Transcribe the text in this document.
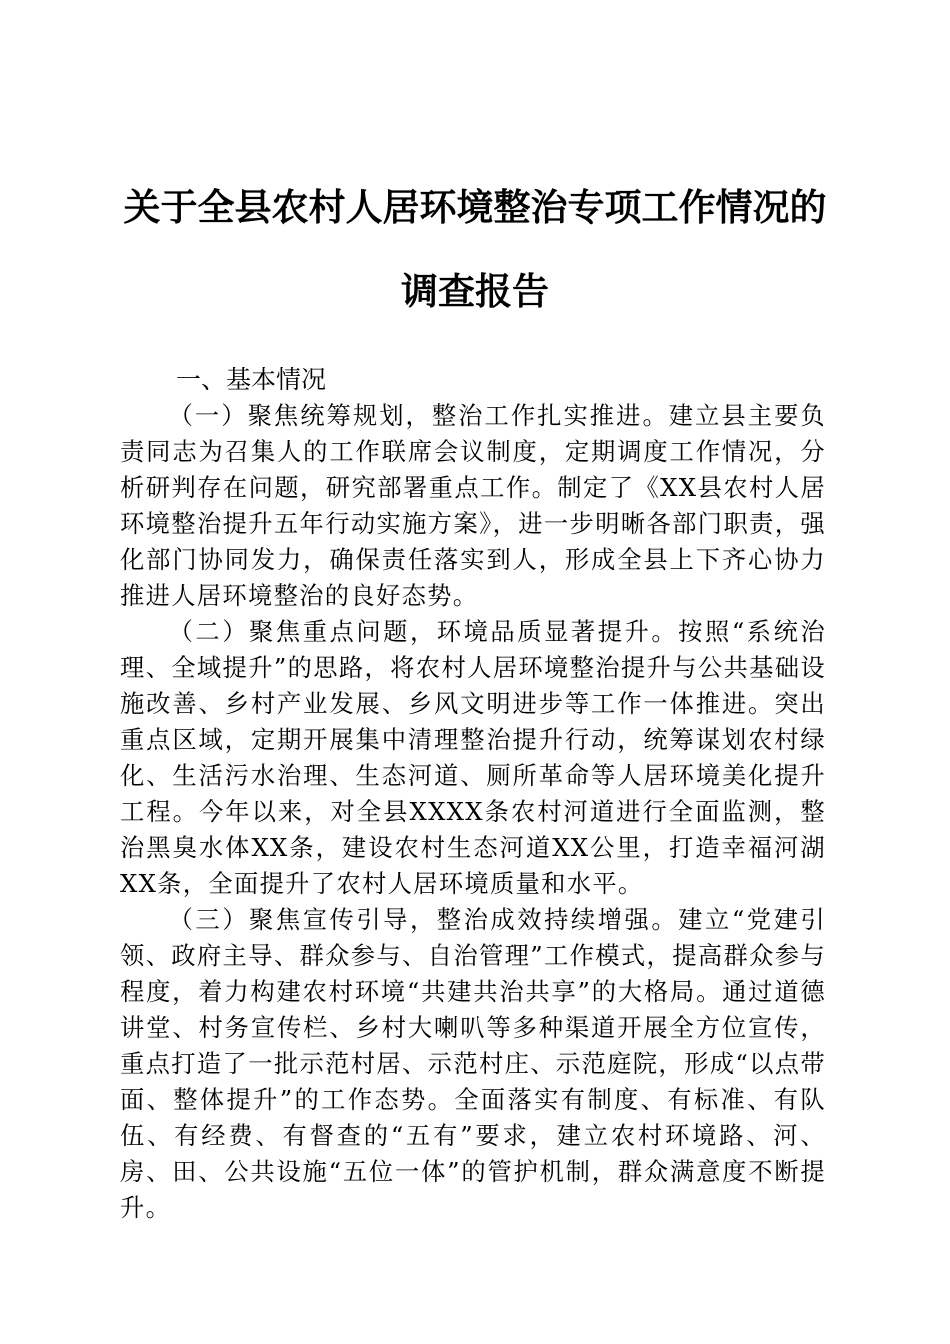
关于全县农村人居环境整治专项工作情况的调查报告
一、基本情况

（一）聚焦统筹规划，整治工作扎实推进。建立县主要负责同志为召集人的工作联席会议制度，定期调度工作情况，分析研判存在问题，研究部署重点工作。制定了《XX县农村人居环境整治提升五年行动实施方案》，进一步明晰各部门职责，强化部门协同发力，确保责任落实到人，形成全县上下齐心协力推进人居环境整治的良好态势。

（二）聚焦重点问题，环境品质显著提升。按照“系统治理、全域提升”的思路，将农村人居环境整治提升与公共基础设施改善、乡村产业发展、乡风文明进步等工作一体推进。突出重点区域，定期开展集中清理整治提升行动，统筹谋划农村绿化、生活污水治理、生态河道、厕所革命等人居环境美化提升工程。今年以来，对全县XXXX条农村河道进行全面监测，整治黑臭水体XX条，建设农村生态河道XX公里，打造幸福河湖XX条，全面提升了农村人居环境质量和水平。

（三）聚焦宣传引导，整治成效持续增强。建立“党建引领、政府主导、群众参与、自治管理”工作模式，提高群众参与程度，着力构建农村环境“共建共治共享”的大格局。通过道德讲堂、村务宣传栏、乡村大喇叭等多种渠道开展全方位宣传，重点打造了一批示范村居、示范村庄、示范庭院，形成“以点带面、整体提升”的工作态势。全面落实有制度、有标准、有队伍、有经费、有督查的“五有”要求，建立农村环境路、河、房、田、公共设施“五位一体”的管护机制，群众满意度不断提升。
